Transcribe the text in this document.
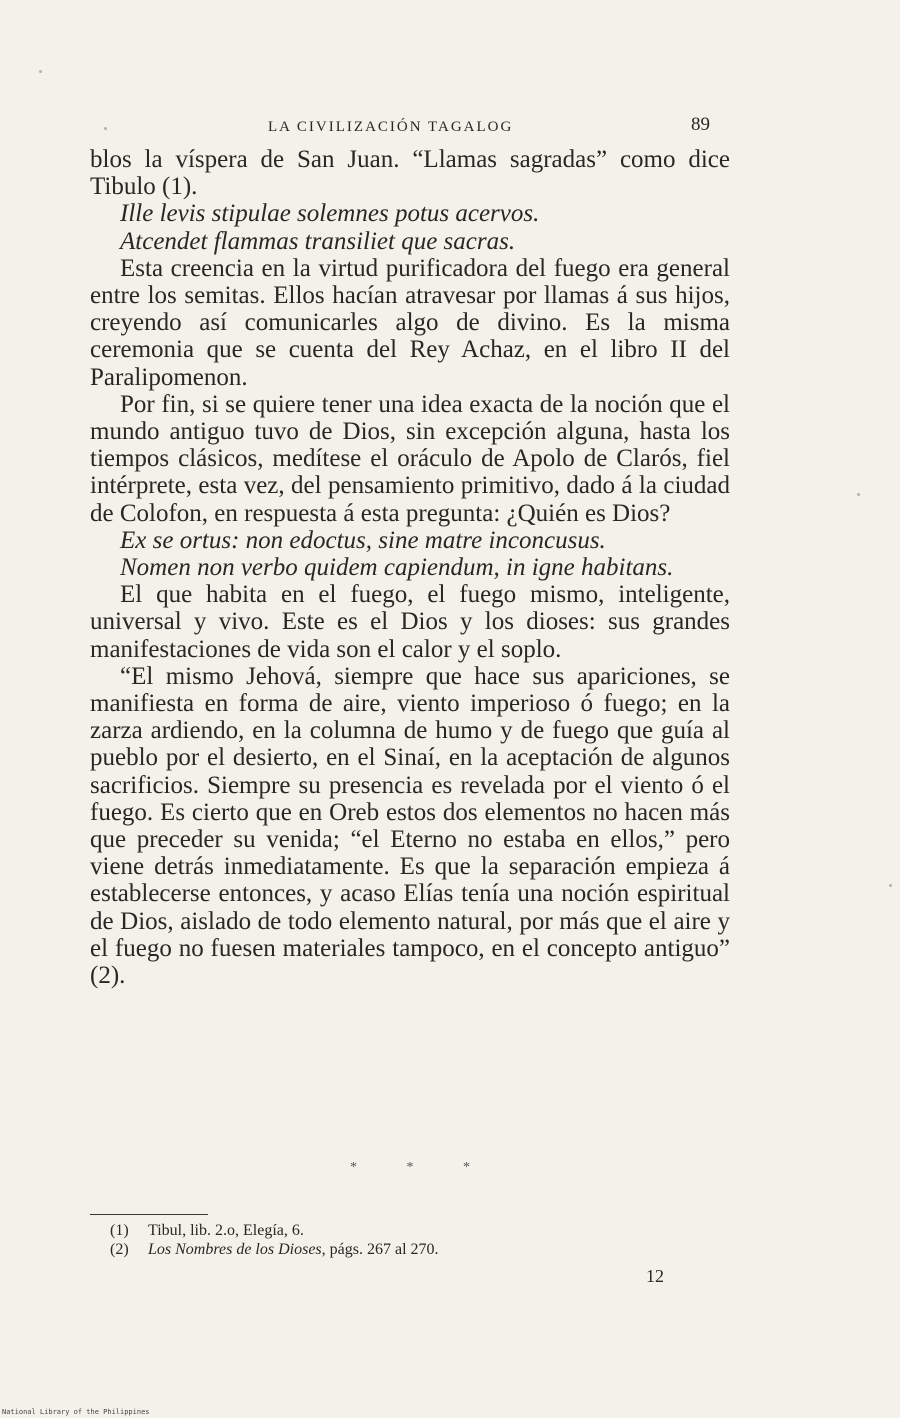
LA CIVILIZACIÓN TAGALOG	89

blos la víspera de San Juan. “Llamas sagradas” como dice Tibulo (1).

Ille levis stipulae solemnes potus acervos.

Atcendet flammas transiliet que sacras.

Esta creencia en la virtud purificadora del fuego era general entre los semitas. Ellos hacían atravesar por llamas á sus hijos, creyendo así comunicarles algo de divino. Es la misma ceremonia que se cuenta del Rey Achaz, en el libro II del Paralipomenon.

Por fin, si se quiere tener una idea exacta de la noción que el mundo antiguo tuvo de Dios, sin excepción alguna, hasta los tiempos clásicos, medítese el oráculo de Apolo de Clarós, fiel intérprete, esta vez, del pensamiento primitivo, dado á la ciudad de Colofon, en respuesta á esta pregunta: ¿Quién es Dios?

Ex se ortus: non edoctus, sine matre inconcusus.

Nomen non verbo quidem capiendum, in igne habitans.

El que habita en el fuego, el fuego mismo, inteligente, universal y vivo. Este es el Dios y los dioses: sus grandes manifestaciones de vida son el calor y el soplo.

“El mismo Jehová, siempre que hace sus apariciones, se manifiesta en forma de aire, viento imperioso ó fuego; en la zarza ardiendo, en la columna de humo y de fuego que guía al pueblo por el desierto, en el Sinaí, en la aceptación de algunos sacrificios. Siempre su presencia es revelada por el viento ó el fuego. Es cierto que en Oreb estos dos elementos no hacen más que preceder su venida; “el Eterno no estaba en ellos,” pero viene detrás inmediatamente. Es que la separación empieza á establecerse entonces, y acaso Elías tenía una noción espiritual de Dios, aislado de todo elemento natural, por más que el aire y el fuego no fuesen materiales tampoco, en el concepto antiguo” (2).

*	*	*
(1)	Tibul, lib. 2.o, Elegía, 6.
(2)	Los Nombres de los Dioses, págs. 267 al 270.
12
National Library of the Philippines
